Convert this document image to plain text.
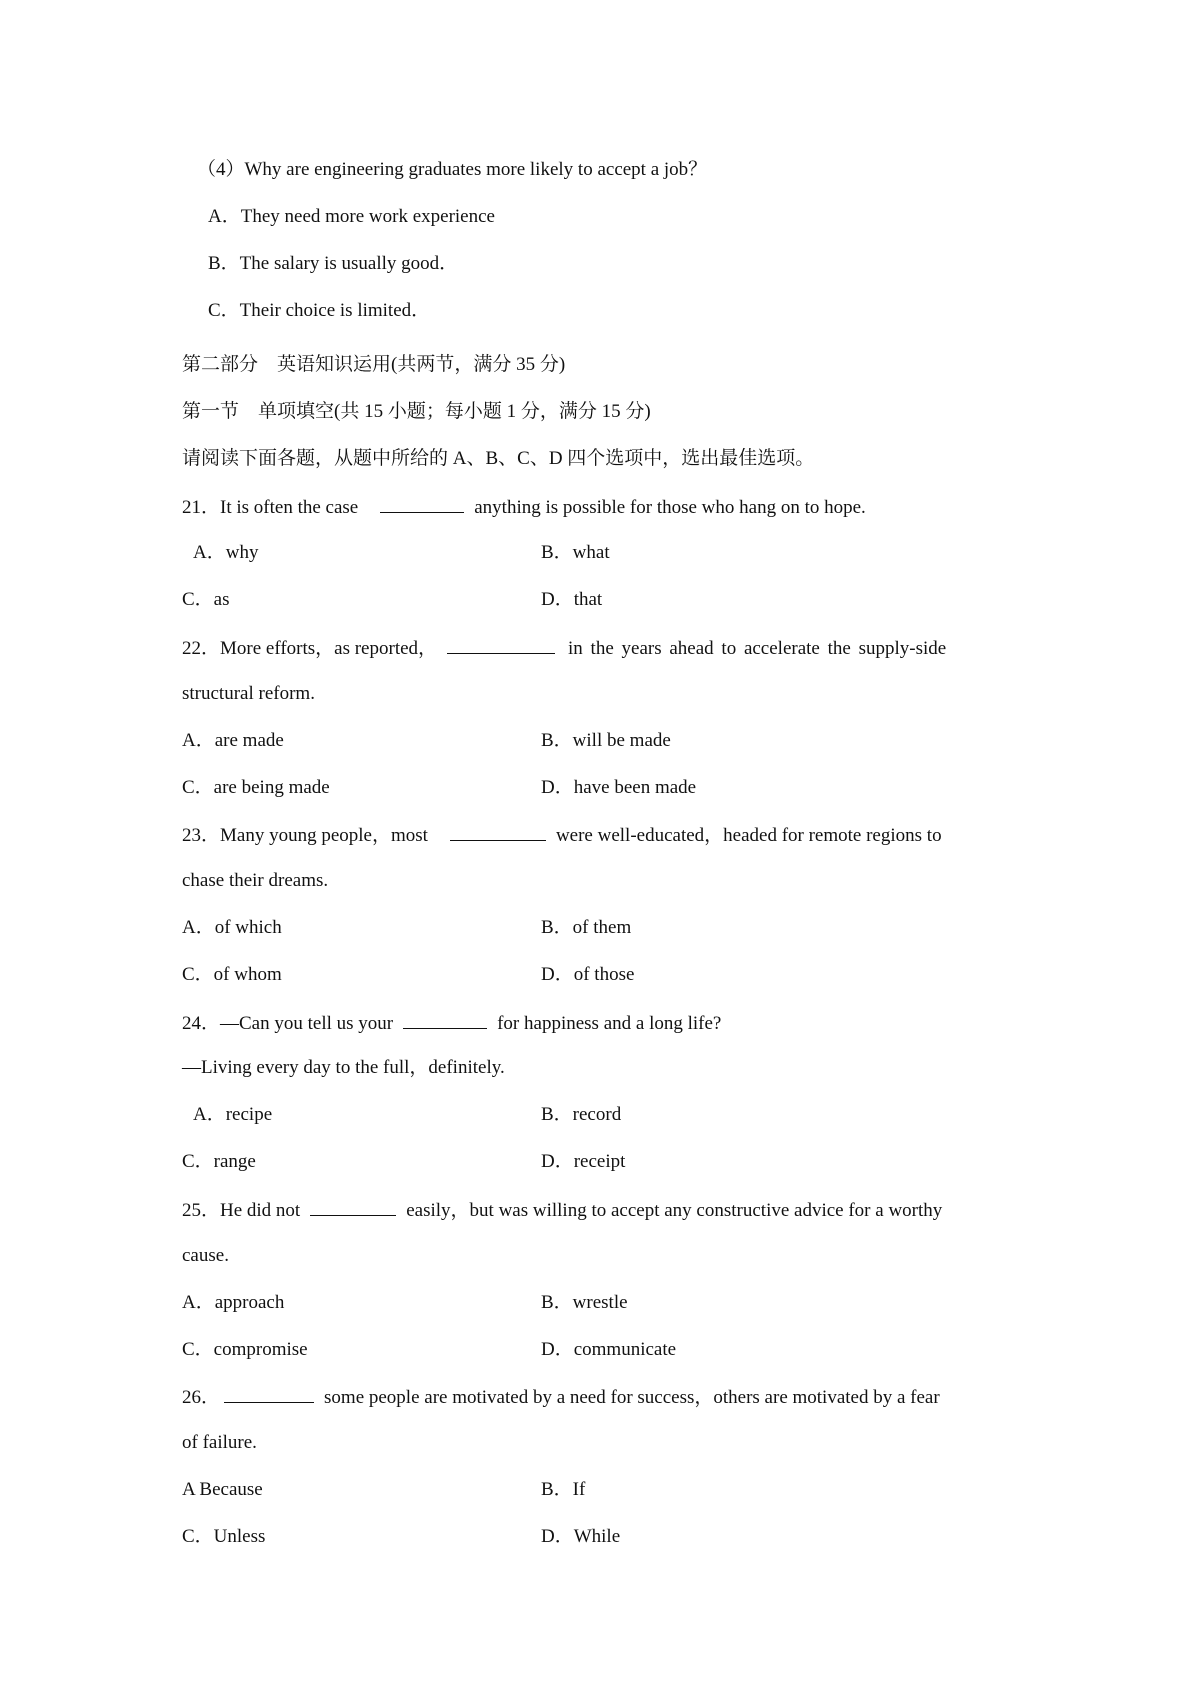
（4）Why are engineering graduates more likely to accept a job？
A．They need more work experience
B．The salary is usually good．
C．Their choice is limited．
第二部分　英语知识运用(共两节，满分 35 分)
第一节　单项填空(共 15 小题；每小题 1 分，满分 15 分)
请阅读下面各题，从题中所给的 A、B、C、D 四个选项中，选出最佳选项。
21．It is often the case	anything is possible for those who hang on to hope.
A．why	B．what
C．as	D．that
22．More efforts，as reported，	in the years ahead to accelerate the supply-side
structural reform.
A．are made	B．will be made
C．are being made	D．have been made
23．Many young people，most	were well-educated，headed for remote regions to
chase their dreams.
A．of which	B．of them
C．of whom	D．of those
24．—Can you tell us your	for happiness and a long life?
—Living every day to the full，definitely.
A．recipe	B．record
C．range	D．receipt
25．He did not	easily，but was willing to accept any constructive advice for a worthy
cause.
A．approach	B．wrestle
C．compromise	D．communicate
26．	some people are motivated by a need for success，others are motivated by a fear
of failure.
A Because	B．If
C．Unless	D．While
